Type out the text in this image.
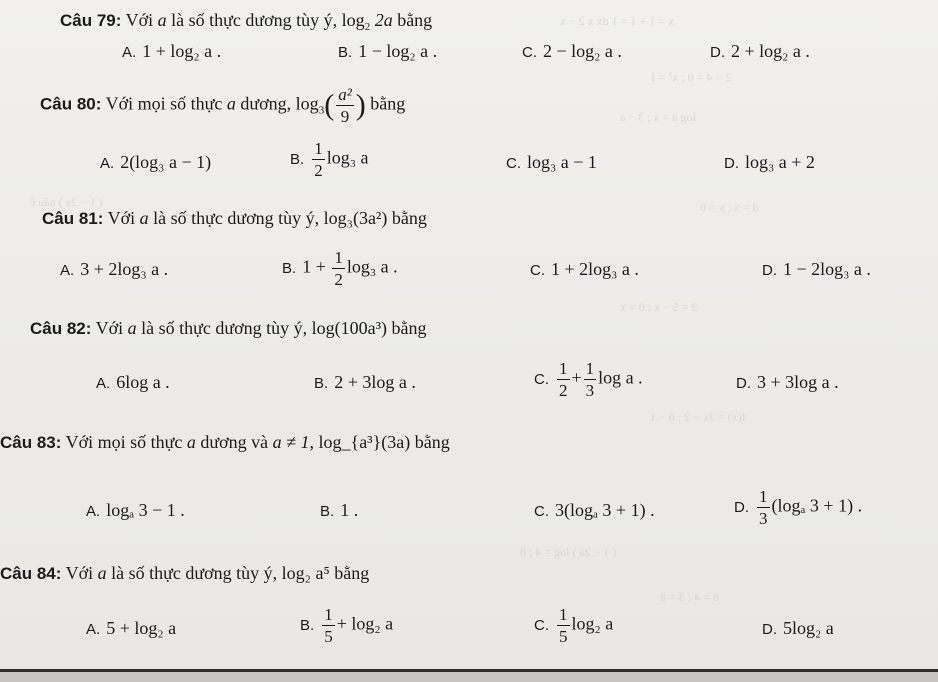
x = 1 + 1 = 1 dx x 2 − x
2 − 4 = 0 ; x² = 1
log a = x ; 3 − a
( 1 − 2a ) nấu ĉ	d = x , y = 0
3 = 5 − x ; 0 = x
f(x) = 3x − 2 ; 0 − 1
( 1 − 2a ) log = 4 ; 8
8 = 4 ; 3 = 8
Câu 79: Với a là số thực dương tùy ý, $\log_2 2a$ bằng
A. 1 + log₂ a .	B. 1 − log₂ a .	C. 2 − log₂ a .	D. 2 + log₂ a .
Câu 80: Với mọi số thực a dương, $\log_3( \frac{\text{a²}}{9}$ ) bằng
A. 2(log₃ a − 1)	B. $\frac{1}{2} \log_3$ a	C. log₃ a − 1	D. log₃ a + 2
Câu 81: Với a là số thực dương tùy ý, log₃(3a²) bằng
A. 3 + 2log₃ a .	B. $1 + \frac{1}{2} \log_3$ a .	C. 1 + 2log₃ a .	D. 1 − 2log₃ a .
Câu 82: Với a là số thực dương tùy ý, log(100a³) bằng
A. 6log a .	B. 2 + 3log a .	C. $\frac{1}{2} + \frac{1}{3}$ log a .	D. 3 + 3log a .
Câu 83: Với mọi số thực a dương và a ≠ 1, log_{a³}(3a) bằng
A. logₐ 3 − 1 .	B. 1 .	C. 3(logₐ 3 + 1) .	D. $\frac{1}{3} (\log_a$ 3 + 1) .
Câu 84: Với a là số thực dương tùy ý, log₂ a⁵ bằng
A. 5 + log₂ a	B. $\frac{1}{5} + \log_2$ a	C. $\frac{1}{5} \log_2$ a	D. 5log₂ a
